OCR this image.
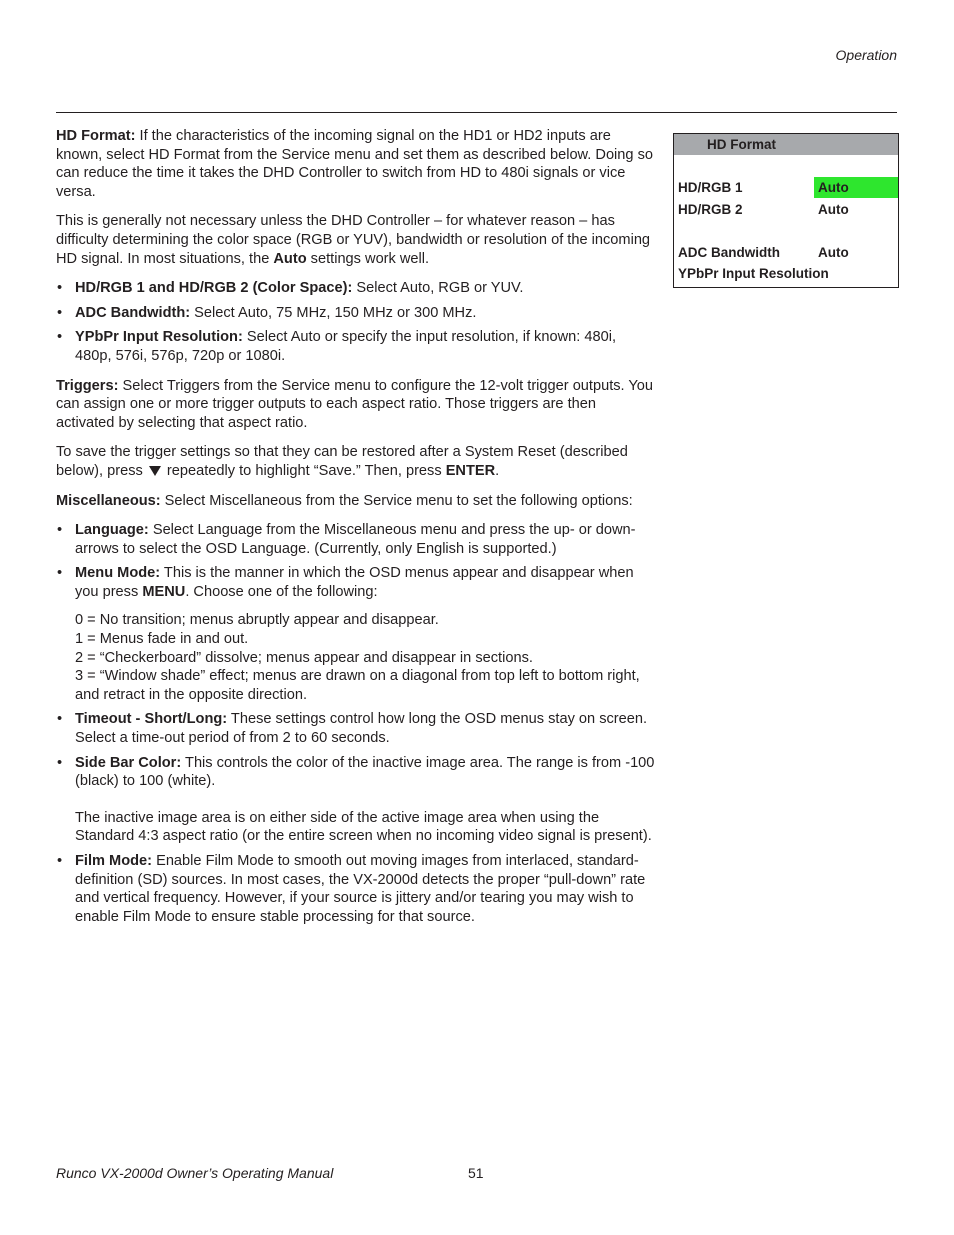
Operation

HD Format: If the characteristics of the incoming signal on the HD1 or HD2 inputs are known, select HD Format from the Service menu and set them as described below. Doing so can reduce the time it takes the DHD Controller to switch from HD to 480i signals or vice versa.

This is generally not necessary unless the DHD Controller – for whatever reason – has difficulty determining the color space (RGB or YUV), bandwidth or resolution of the incoming HD signal. In most situations, the Auto settings work well.

• HD/RGB 1 and HD/RGB 2 (Color Space): Select Auto, RGB or YUV.
• ADC Bandwidth: Select Auto, 75 MHz, 150 MHz or 300 MHz.
• YPbPr Input Resolution: Select Auto or specify the input resolution, if known: 480i, 480p, 576i, 576p, 720p or 1080i.

Triggers: Select Triggers from the Service menu to configure the 12-volt trigger outputs. You can assign one or more trigger outputs to each aspect ratio. Those triggers are then activated by selecting that aspect ratio.

To save the trigger settings so that they can be restored after a System Reset (described below), press  repeatedly to highlight “Save.” Then, press ENTER.

Miscellaneous: Select Miscellaneous from the Service menu to set the following options:

• Language: Select Language from the Miscellaneous menu and press the up- or down-arrows to select the OSD Language. (Currently, only English is supported.)
• Menu Mode: This is the manner in which the OSD menus appear and disappear when you press MENU. Choose one of the following:
0 = No transition; menus abruptly appear and disappear.
1 = Menus fade in and out.
2 = “Checkerboard” dissolve; menus appear and disappear in sections.
3 = “Window shade” effect; menus are drawn on a diagonal from top left to bottom right, and retract in the opposite direction.
• Timeout - Short/Long: These settings control how long the OSD menus stay on screen. Select a time-out period of from 2 to 60 seconds.
• Side Bar Color: This controls the color of the inactive image area. The range is from -100 (black) to 100 (white).
The inactive image area is on either side of the active image area when using the Standard 4:3 aspect ratio (or the entire screen when no incoming video signal is present).
• Film Mode: Enable Film Mode to smooth out moving images from interlaced, standard-definition (SD) sources. In most cases, the VX-2000d detects the proper “pull-down” rate and vertical frequency. However, if your source is jittery and/or tearing you may wish to enable Film Mode to ensure stable processing for that source.
HD Format
HD/RGB 1	Auto
HD/RGB 2	Auto
ADC Bandwidth	Auto
YPbPr Input Resolution
Runco VX-2000d Owner’s Operating Manual	51
